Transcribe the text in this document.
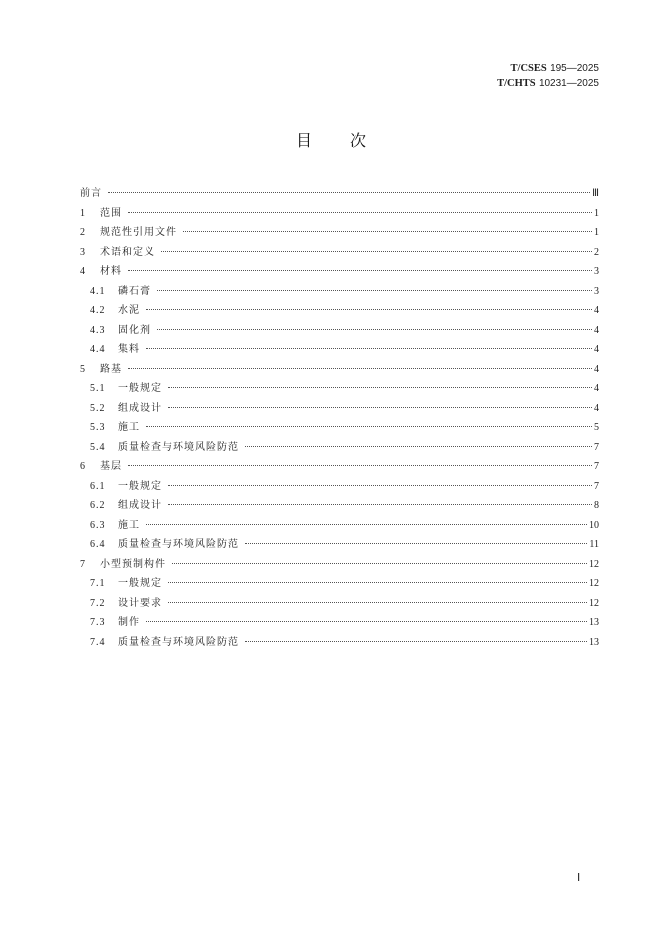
T/CSES 195—2025
T/CHTS 10231—2025
目 次
前言	Ⅲ
1	范围	1
2	规范性引用文件	1
3	术语和定义	2
4	材料	3
4.1	磷石膏	3
4.2	水泥	4
4.3	固化剂	4
4.4	集料	4
5	路基	4
5.1	一般规定	4
5.2	组成设计	4
5.3	施工	5
5.4	质量检查与环境风险防范	7
6	基层	7
6.1	一般规定	7
6.2	组成设计	8
6.3	施工	10
6.4	质量检查与环境风险防范	11
7	小型预制构件	12
7.1	一般规定	12
7.2	设计要求	12
7.3	制作	13
7.4	质量检查与环境风险防范	13
Ⅰ
